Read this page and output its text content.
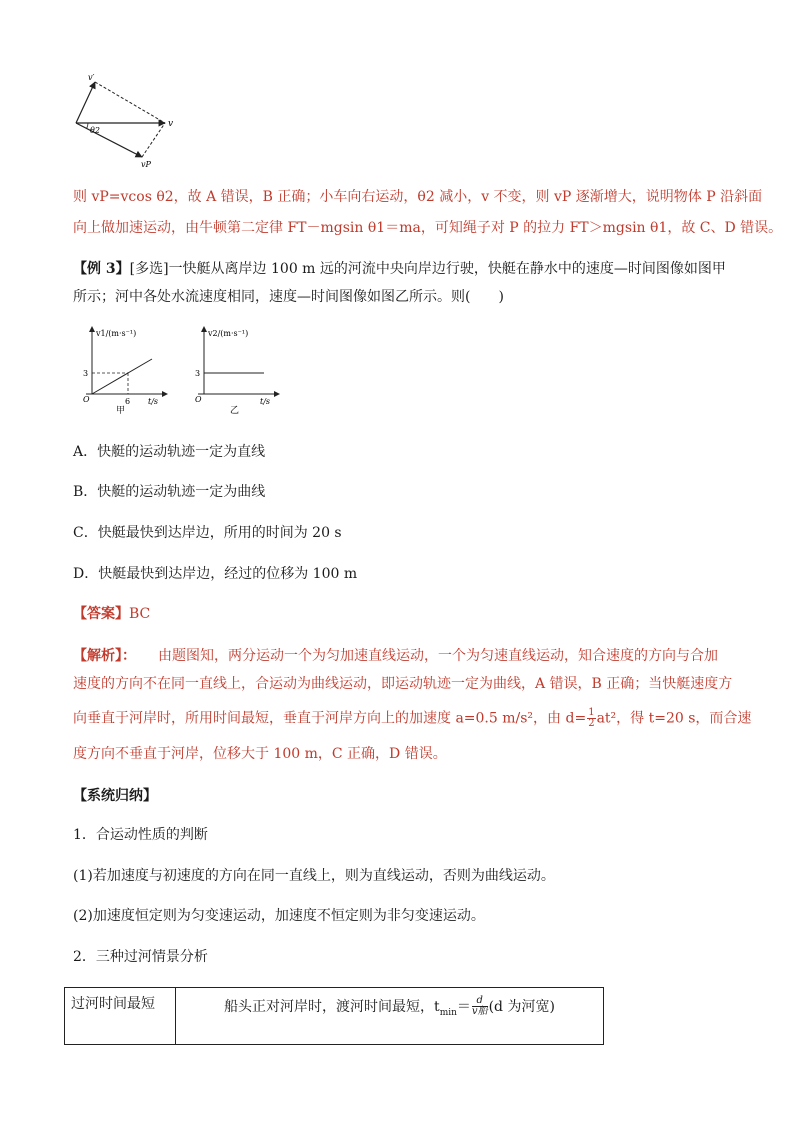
v′
v
vP
θ2
则 vP=vcos θ2，故 A 错误，B 正确；小车向右运动，θ2 减小，v 不变，则 vP 逐渐增大，说明物体 P 沿斜面
向上做加速运动，由牛顿第二定律 FT－mgsin θ1＝ma，可知绳子对 P 的拉力 FT＞mgsin θ1，故 C、D 错误。
【例 3】[多选]一快艇从离岸边 100 m 远的河流中央向岸边行驶，快艇在静水中的速度—时间图像如图甲
所示；河中各处水流速度相同，速度—时间图像如图乙所示。则(　　)
v1/(m·s⁻¹)
t/s
O
3
6
甲
v2/(m·s⁻¹)
t/s
O
3
乙
A．快艇的运动轨迹一定为直线
B．快艇的运动轨迹一定为曲线
C．快艇最快到达岸边，所用的时间为 20 s
D．快艇最快到达岸边，经过的位移为 100 m
【答案】BC
【解析】： 由题图知，两分运动一个为匀加速直线运动，一个为匀速直线运动，知合速度的方向与合加
速度的方向不在同一直线上，合运动为曲线运动，即运动轨迹一定为曲线，A 错误，B 正确；当快艇速度方
向垂直于河岸时，所用时间最短，垂直于河岸方向上的加速度 a=0.5 m/s²，由 $d= \frac{1}{2} at^2$，得 t=20 s，而合速
度方向不垂直于河岸，位移大于 100 m，C 正确，D 错误。
【系统归纳】
1．合运动性质的判断
(1)若加速度与初速度的方向在同一直线上，则为直线运动，否则为曲线运动。
(2)加速度恒定则为匀变速运动，加速度不恒定则为非匀变速运动。
2．三种过河情景分析
过河时间最短	船头正对河岸时，渡河时间最短，$t_{min}= \frac{d}{\text{v船}} (d$ 为河宽)
